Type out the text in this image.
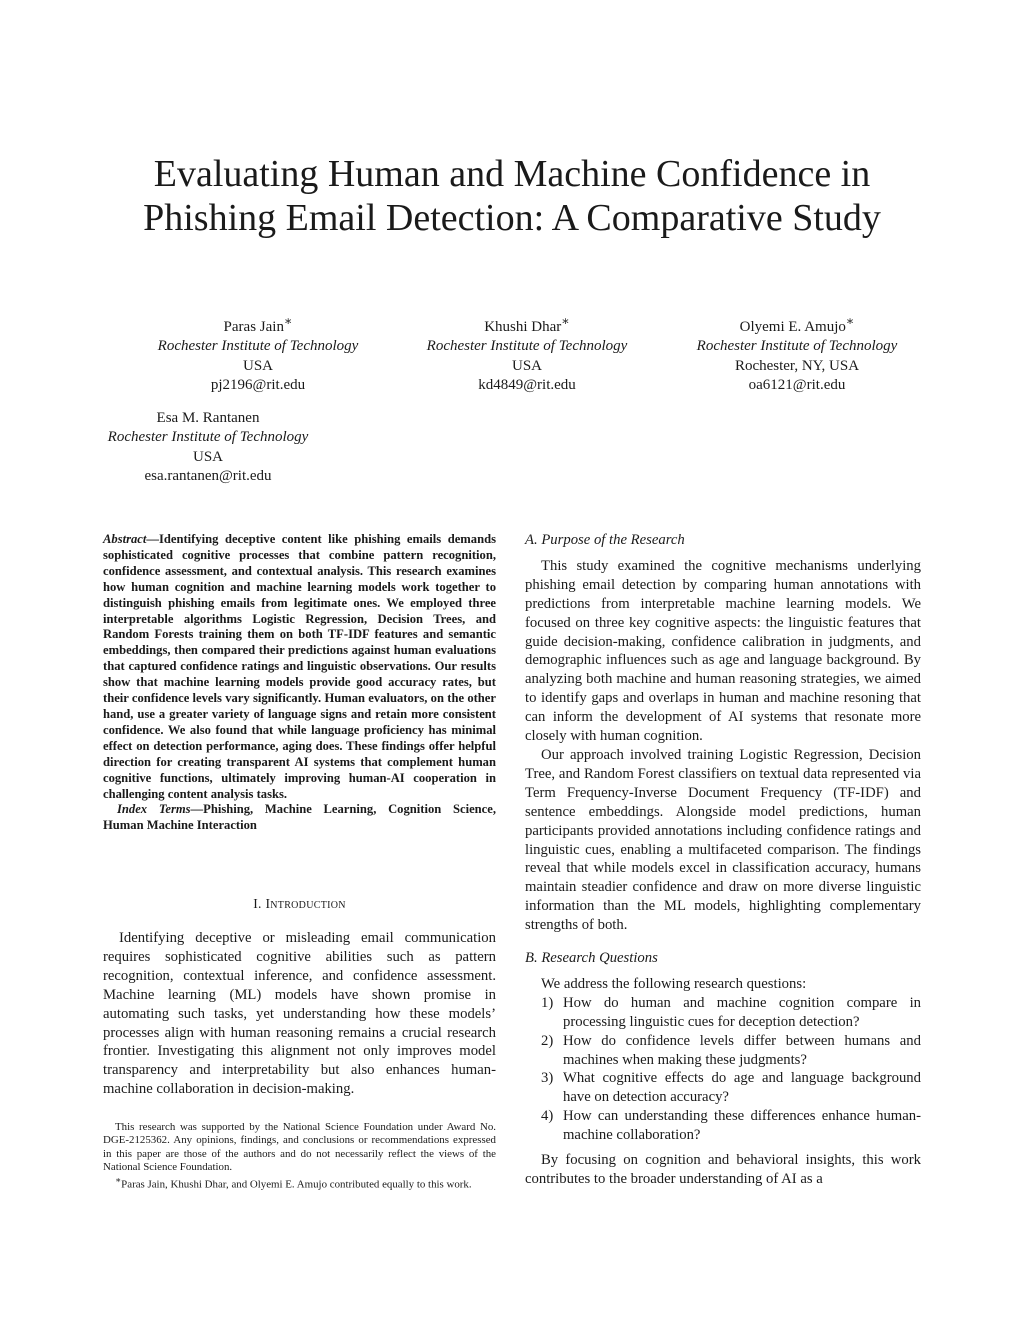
Evaluating Human and Machine Confidence in
Phishing Email Detection: A Comparative Study
Paras Jain∗
Rochester Institute of Technology
USA
pj2196@rit.edu
Khushi Dhar∗
Rochester Institute of Technology
USA
kd4849@rit.edu
Olyemi E. Amujo∗
Rochester Institute of Technology
Rochester, NY, USA
oa6121@rit.edu
Esa M. Rantanen
Rochester Institute of Technology
USA
esa.rantanen@rit.edu

Abstract—Identifying deceptive content like phishing emails demands sophisticated cognitive processes that combine pattern recognition, confidence assessment, and contextual analysis. This research examines how human cognition and machine learning models work together to distinguish phishing emails from legitimate ones. We employed three interpretable algorithms Logistic Regression, Decision Trees, and Random Forests training them on both TF-IDF features and semantic embeddings, then compared their predictions against human evaluations that captured confidence ratings and linguistic observations. Our results show that machine learning models provide good accuracy rates, but their confidence levels vary significantly. Human evaluators, on the other hand, use a greater variety of language signs and retain more consistent confidence. We also found that while language proficiency has minimal effect on detection performance, aging does. These findings offer helpful direction for creating transparent AI systems that complement human cognitive functions, ultimately improving human-AI cooperation in challenging content analysis tasks.

Index Terms—Phishing, Machine Learning, Cognition Science, Human Machine Interaction

I. Introduction

Identifying deceptive or misleading email communication requires sophisticated cognitive abilities such as pattern recognition, contextual inference, and confidence assessment. Machine learning (ML) models have shown promise in automating such tasks, yet understanding how these models’ processes align with human reasoning remains a crucial research frontier. Investigating this alignment not only improves model transparency and interpretability but also enhances human-machine collaboration in decision-making.

This research was supported by the National Science Foundation under Award No. DGE-2125362. Any opinions, findings, and conclusions or recommendations expressed in this paper are those of the authors and do not necessarily reflect the views of the National Science Foundation.

∗Paras Jain, Khushi Dhar, and Olyemi E. Amujo contributed equally to this work.

A. Purpose of the Research

This study examined the cognitive mechanisms underlying phishing email detection by comparing human annotations with predictions from interpretable machine learning models. We focused on three key cognitive aspects: the linguistic features that guide decision-making, confidence calibration in judgments, and demographic influences such as age and language background. By analyzing both machine and human reasoning strategies, we aimed to identify gaps and overlaps in human and machine resoning that can inform the development of AI systems that resonate more closely with human cognition.

Our approach involved training Logistic Regression, Decision Tree, and Random Forest classifiers on textual data represented via Term Frequency-Inverse Document Frequency (TF-IDF) and sentence embeddings. Alongside model predictions, human participants provided annotations including confidence ratings and linguistic cues, enabling a multifaceted comparison. The findings reveal that while models excel in classification accuracy, humans maintain steadier confidence and draw on more diverse linguistic information than the ML models, highlighting complementary strengths of both.

B. Research Questions

We address the following research questions:

1) How do human and machine cognition compare in processing linguistic cues for deception detection?
2) How do confidence levels differ between humans and machines when making these judgments?
3) What cognitive effects do age and language background have on detection accuracy?
4) How can understanding these differences enhance human-machine collaboration?

By focusing on cognition and behavioral insights, this work contributes to the broader understanding of AI as a
